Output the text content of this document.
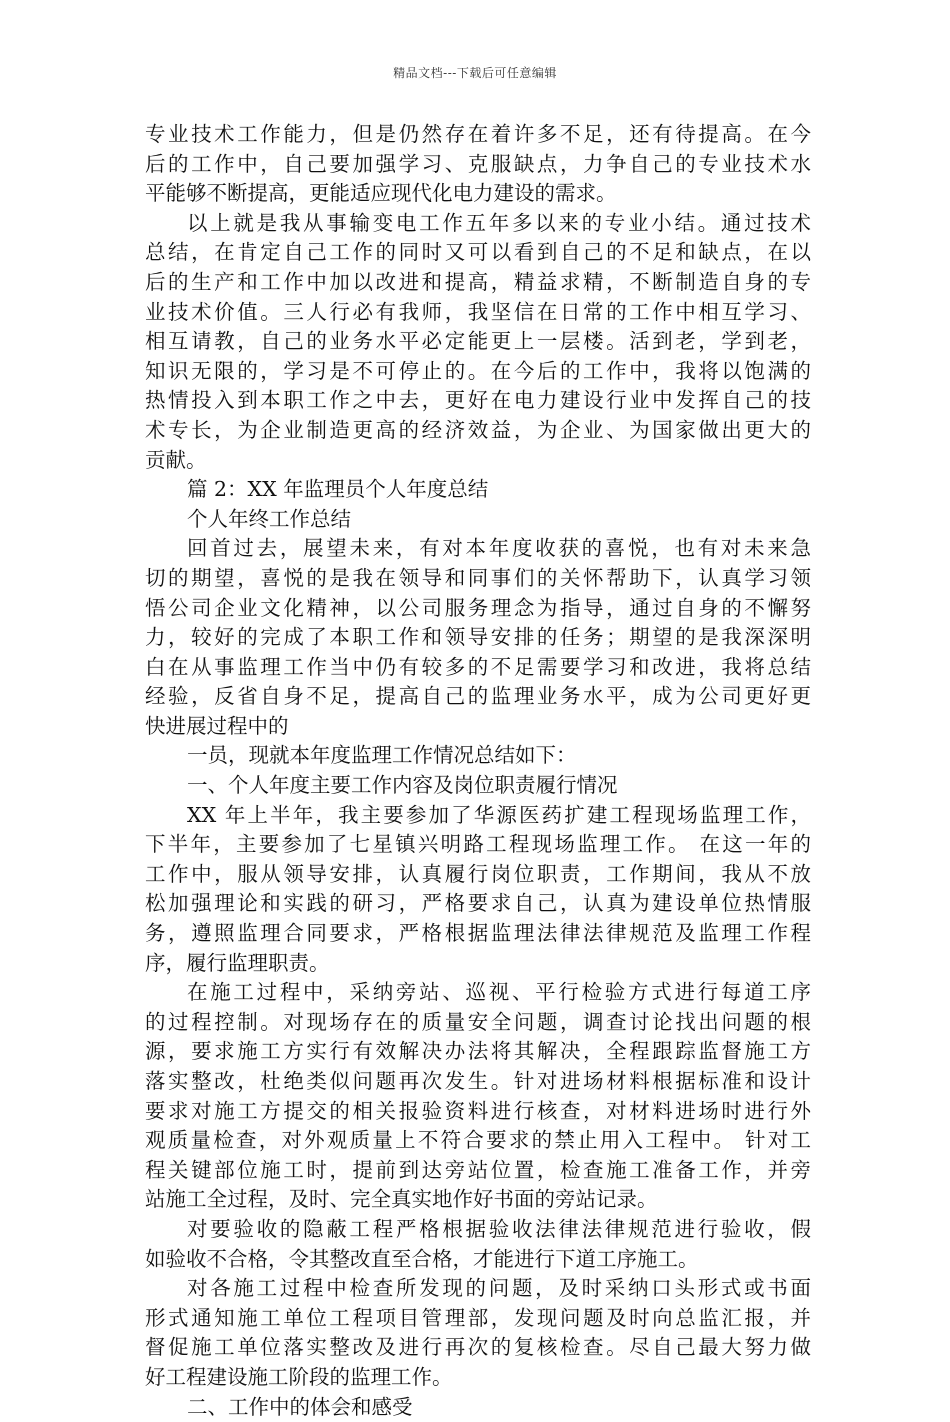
精品文档---下载后可任意编辑
专业技术工作能力，但是仍然存在着许多不足，还有待提高。在今
后的工作中，自己要加强学习、克服缺点，力争自己的专业技术水
平能够不断提高，更能适应现代化电力建设的需求。
以上就是我从事输变电工作五年多以来的专业小结。通过技术
总结，在肯定自己工作的同时又可以看到自己的不足和缺点，在以
后的生产和工作中加以改进和提高，精益求精，不断制造自身的专
业技术价值。三人行必有我师，我坚信在日常的工作中相互学习、
相互请教，自己的业务水平必定能更上一层楼。活到老，学到老，
知识无限的，学习是不可停止的。在今后的工作中，我将以饱满的
热情投入到本职工作之中去，更好在电力建设行业中发挥自己的技
术专长，为企业制造更高的经济效益，为企业、为国家做出更大的
贡献。
篇 2：XX 年监理员个人年度总结
个人年终工作总结
回首过去，展望未来，有对本年度收获的喜悦，也有对未来急
切的期望，喜悦的是我在领导和同事们的关怀帮助下，认真学习领
悟公司企业文化精神，以公司服务理念为指导，通过自身的不懈努
力，较好的完成了本职工作和领导安排的任务；期望的是我深深明
白在从事监理工作当中仍有较多的不足需要学习和改进，我将总结
经验，反省自身不足，提高自己的监理业务水平，成为公司更好更
快进展过程中的
一员，现就本年度监理工作情况总结如下：
一、个人年度主要工作内容及岗位职责履行情况
XX 年上半年，我主要参加了华源医药扩建工程现场监理工作，
下半年，主要参加了七星镇兴明路工程现场监理工作。 在这一年的
工作中，服从领导安排，认真履行岗位职责，工作期间，我从不放
松加强理论和实践的研习，严格要求自己，认真为建设单位热情服
务，遵照监理合同要求，严格根据监理法律法律规范及监理工作程
序，履行监理职责。
在施工过程中，采纳旁站、巡视、平行检验方式进行每道工序
的过程控制。对现场存在的质量安全问题，调查讨论找出问题的根
源，要求施工方实行有效解决办法将其解决，全程跟踪监督施工方
落实整改，杜绝类似问题再次发生。针对进场材料根据标准和设计
要求对施工方提交的相关报验资料进行核查，对材料进场时进行外
观质量检查，对外观质量上不符合要求的禁止用入工程中。 针对工
程关键部位施工时，提前到达旁站位置，检查施工准备工作，并旁
站施工全过程，及时、完全真实地作好书面的旁站记录。
对要验收的隐蔽工程严格根据验收法律法律规范进行验收，假
如验收不合格，令其整改直至合格，才能进行下道工序施工。
对各施工过程中检查所发现的问题，及时采纳口头形式或书面
形式通知施工单位工程项目管理部，发现问题及时向总监汇报，并
督促施工单位落实整改及进行再次的复核检查。尽自己最大努力做
好工程建设施工阶段的监理工作。
二、工作中的体会和感受
